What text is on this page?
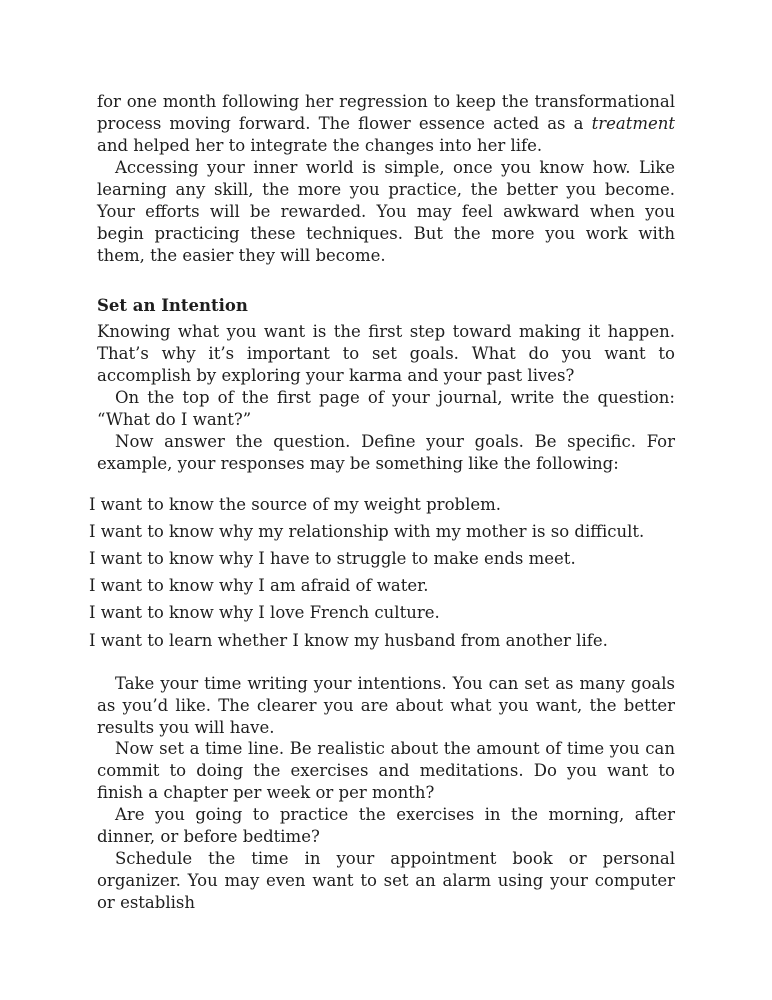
for one month following her regression to keep the transformational process moving forward. The flower essence acted as a treatment and helped her to integrate the changes into her life.

Accessing your inner world is simple, once you know how. Like learning any skill, the more you practice, the better you become. Your efforts will be rewarded. You may feel awkward when you begin practicing these techniques. But the more you work with them, the easier they will become.

Set an Intention

Knowing what you want is the first step toward making it happen. That’s why it’s important to set goals. What do you want to accomplish by exploring your karma and your past lives?

On the top of the first page of your journal, write the question: “What do I want?”

Now answer the question. Define your goals. Be specific. For example, your responses may be something like the following:

I want to know the source of my weight problem.

I want to know why my relationship with my mother is so difficult.

I want to know why I have to struggle to make ends meet.

I want to know why I am afraid of water.

I want to know why I love French culture.

I want to learn whether I know my husband from another life.

Take your time writing your intentions. You can set as many goals as you’d like. The clearer you are about what you want, the better results you will have.

Now set a time line. Be realistic about the amount of time you can commit to doing the exercises and meditations. Do you want to finish a chapter per week or per month?

Are you going to practice the exercises in the morning, after dinner, or before bedtime?

Schedule the time in your appointment book or personal organizer. You may even want to set an alarm using your computer or establish
